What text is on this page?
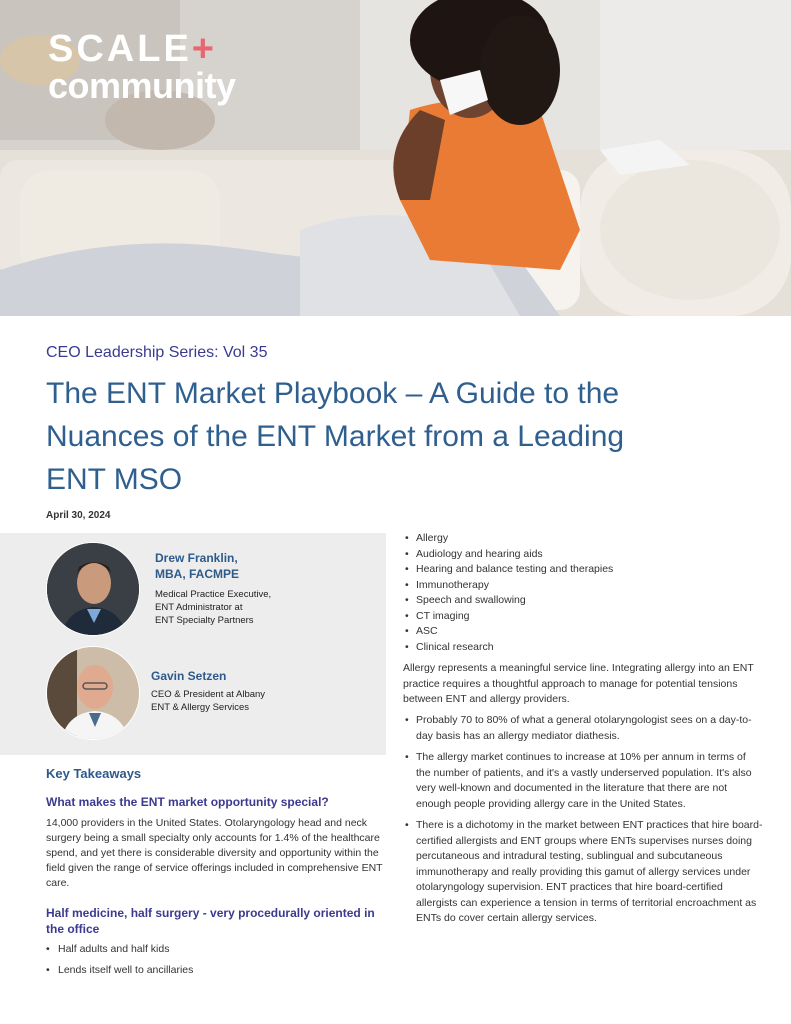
SCALE+
community
CEO Leadership Series: Vol 35
The ENT Market Playbook – A Guide to the Nuances of the ENT Market from a Leading ENT MSO
April 30, 2024
Drew Franklin,
MBA, FACMPE
Medical Practice Executive,
ENT Administrator at
ENT Specialty Partners
Gavin Setzen
CEO & President at Albany
ENT & Allergy Services
Key Takeaways
What makes the ENT market opportunity special?

14,000 providers in the United States. Otolaryngology head and neck surgery being a small specialty only accounts for 1.4% of the healthcare spend, and yet there is considerable diversity and opportunity within the field given the range of service offerings included in comprehensive ENT care.

Half medicine, half surgery - very procedurally oriented in the office
• Half adults and half kids
• Lends itself well to ancillaries
• Allergy
• Audiology and hearing aids
• Hearing and balance testing and therapies
• Immunotherapy
• Speech and swallowing
• CT imaging
• ASC
• Clinical research

Allergy represents a meaningful service line. Integrating allergy into an ENT practice requires a thoughtful approach to manage for potential tensions between ENT and allergy providers.

• Probably 70 to 80% of what a general otolaryngologist sees on a day-to-day basis has an allergy mediator diathesis.
• The allergy market continues to increase at 10% per annum in terms of the number of patients, and it's a vastly underserved population. It's also very well-known and documented in the literature that there are not enough people providing allergy care in the United States.
• There is a dichotomy in the market between ENT practices that hire board-certified allergists and ENT groups where ENTs supervises nurses doing percutaneous and intradural testing, sublingual and subcutaneous immunotherapy and really providing this gamut of allergy services under otolaryngology supervision. ENT practices that hire board-certified allergists can experience a tension in terms of territorial encroachment as ENTs do cover certain allergy services.
